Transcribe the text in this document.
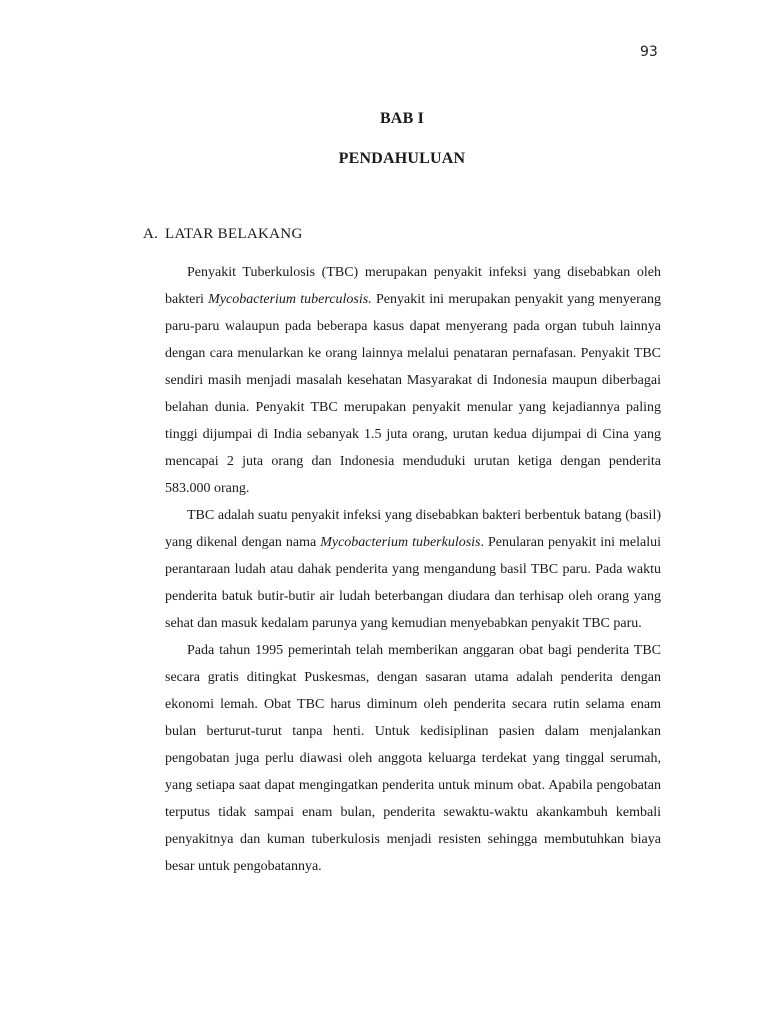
93
BAB I
PENDAHULUAN
A. LATAR BELAKANG

Penyakit Tuberkulosis (TBC) merupakan penyakit infeksi yang disebabkan oleh bakteri Mycobacterium tuberculosis. Penyakit ini merupakan penyakit yang menyerang paru-paru walaupun pada beberapa kasus dapat menyerang pada organ tubuh lainnya dengan cara menularkan ke orang lainnya melalui penataran pernafasan. Penyakit TBC sendiri masih menjadi masalah kesehatan Masyarakat di Indonesia maupun diberbagai belahan dunia. Penyakit TBC merupakan penyakit menular yang kejadiannya paling tinggi dijumpai di India sebanyak 1.5 juta orang, urutan kedua dijumpai di Cina yang mencapai 2 juta orang dan Indonesia menduduki urutan ketiga dengan penderita 583.000 orang.

TBC adalah suatu penyakit infeksi yang disebabkan bakteri berbentuk batang (basil) yang dikenal dengan nama Mycobacterium tuberkulosis. Penularan penyakit ini melalui perantaraan ludah atau dahak penderita yang mengandung basil TBC paru. Pada waktu penderita batuk butir-butir air ludah beterbangan diudara dan terhisap oleh orang yang sehat dan masuk kedalam parunya yang kemudian menyebabkan penyakit TBC paru.

Pada tahun 1995 pemerintah telah memberikan anggaran obat bagi penderita TBC secara gratis ditingkat Puskesmas, dengan sasaran utama adalah penderita dengan ekonomi lemah. Obat TBC harus diminum oleh penderita secara rutin selama enam bulan berturut-turut tanpa henti. Untuk kedisiplinan pasien dalam menjalankan pengobatan juga perlu diawasi oleh anggota keluarga terdekat yang tinggal serumah, yang setiapa saat dapat mengingatkan penderita untuk minum obat. Apabila pengobatan terputus tidak sampai enam bulan, penderita sewaktu-waktu akankambuh kembali penyakitnya dan kuman tuberkulosis menjadi resisten sehingga membutuhkan biaya besar untuk pengobatannya.
